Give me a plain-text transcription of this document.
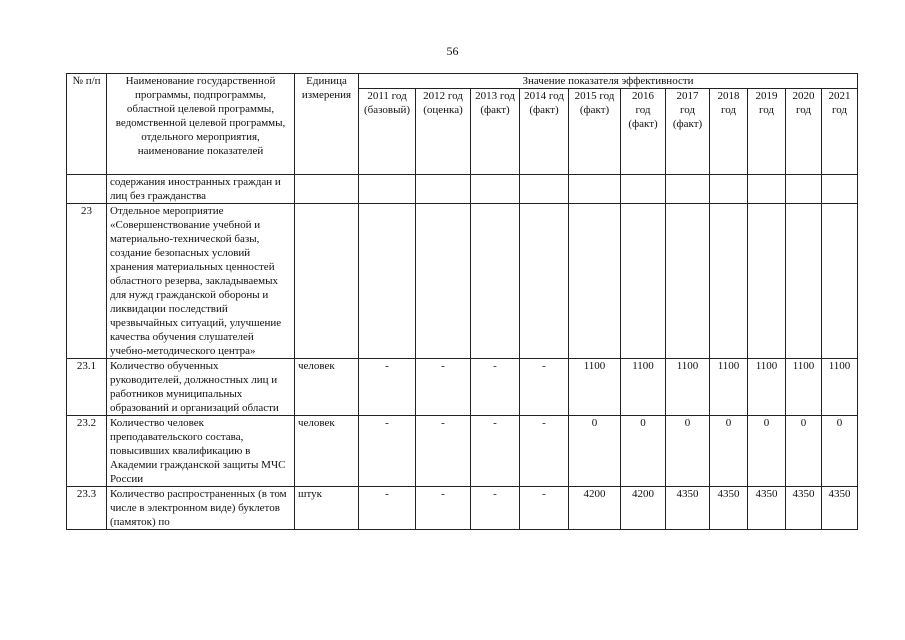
56
№ п/п	Наименование государственной программы, подпрограммы, областной целевой программы, ведомственной целевой программы, отдельного мероприятия, наименование показателей	Единица измерения	Значение показателя эффективности										
			2011 год (базовый)	2012 год (оценка)	2013 год (факт)	2014 год (факт)	2015 год (факт)	2016 год (факт)	2017 год (факт)	2018 год	2019 год	2020 год	2021 год
	содержания иностранных граждан и лиц без гражданства												
23	Отдельное мероприятие «Совершенствование учебной и материально-технической базы, создание безопасных условий хранения материальных ценностей областного резерва, закладываемых для нужд гражданской обороны и ликвидации последствий чрезвычайных ситуаций, улучшение качества обучения слушателей учебно-методического центра»												
23.1	Количество обученных руководителей, должностных лиц и работников муниципальных образований и организаций области	человек	-	-	-	-	1100	1100	1100	1100	1100	1100	1100
23.2	Количество человек преподавательского состава, повысивших квалификацию в Академии гражданской защиты МЧС России	человек	-	-	-	-	0	0	0	0	0	0	0
23.3	Количество распространенных (в том числе в электронном виде) буклетов (памяток) по	штук	-	-	-	-	4200	4200	4350	4350	4350	4350	4350
